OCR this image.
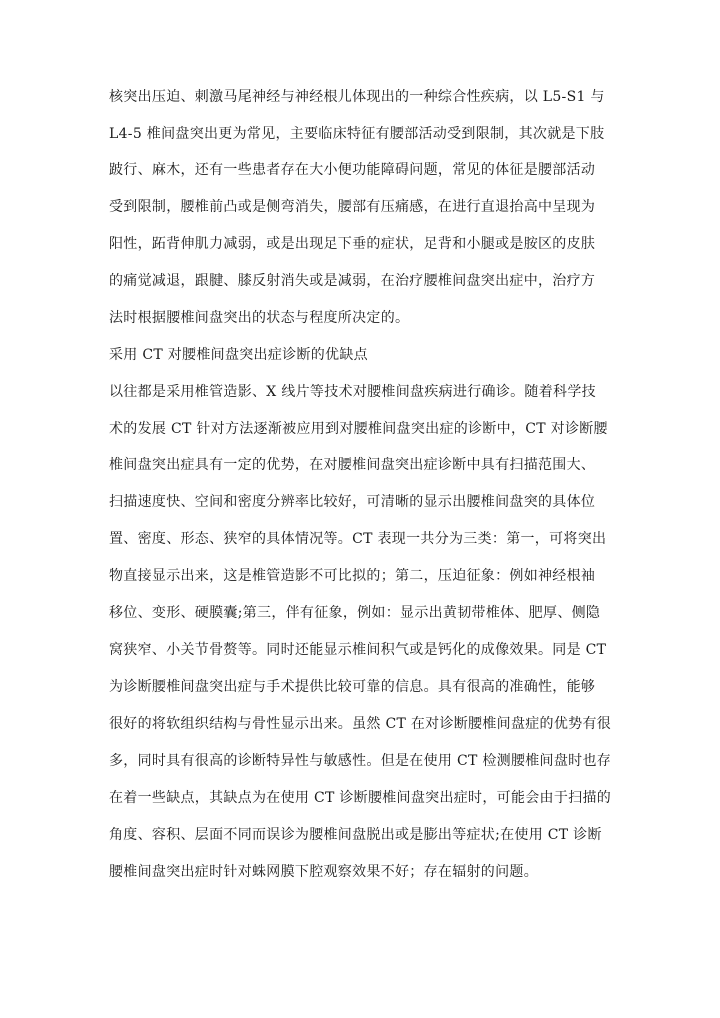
核突出压迫、刺激马尾神经与神经根儿体现出的一种综合性疾病，以 L5-S1 与
L4-5 椎间盘突出更为常见，主要临床特征有腰部活动受到限制，其次就是下肢
跛行、麻木，还有一些患者存在大小便功能障碍问题，常见的体征是腰部活动
受到限制，腰椎前凸或是侧弯消失，腰部有压痛感，在进行直退抬高中呈现为
阳性，跖背伸肌力减弱，或是出现足下垂的症状，足背和小腿或是胺区的皮肤
的痛觉减退，跟腱、膝反射消失或是减弱，在治疗腰椎间盘突出症中，治疗方
法时根据腰椎间盘突出的状态与程度所决定的。
采用 CT 对腰椎间盘突出症诊断的优缺点
以往都是采用椎管造影、X 线片等技术对腰椎间盘疾病进行确诊。随着科学技
术的发展 CT 针对方法逐渐被应用到对腰椎间盘突出症的诊断中，CT 对诊断腰
椎间盘突出症具有一定的优势，在对腰椎间盘突出症诊断中具有扫描范围大、
扫描速度快、空间和密度分辨率比较好，可清晰的显示出腰椎间盘突的具体位
置、密度、形态、狭窄的具体情况等。CT 表现一共分为三类：第一，可将突出
物直接显示出来，这是椎管造影不可比拟的；第二，压迫征象：例如神经根袖
移位、变形、硬膜囊;第三，伴有征象，例如：显示出黄韧带椎体、肥厚、侧隐
窝狭窄、小关节骨赘等。同时还能显示椎间积气或是钙化的成像效果。同是 CT
为诊断腰椎间盘突出症与手术提供比较可靠的信息。具有很高的准确性，能够
很好的将软组织结构与骨性显示出来。虽然 CT 在对诊断腰椎间盘症的优势有很
多，同时具有很高的诊断特异性与敏感性。但是在使用 CT 检测腰椎间盘时也存
在着一些缺点，其缺点为在使用 CT 诊断腰椎间盘突出症时，可能会由于扫描的
角度、容积、层面不同而误诊为腰椎间盘脱出或是膨出等症状;在使用 CT 诊断
腰椎间盘突出症时针对蛛网膜下腔观察效果不好；存在辐射的问题。
